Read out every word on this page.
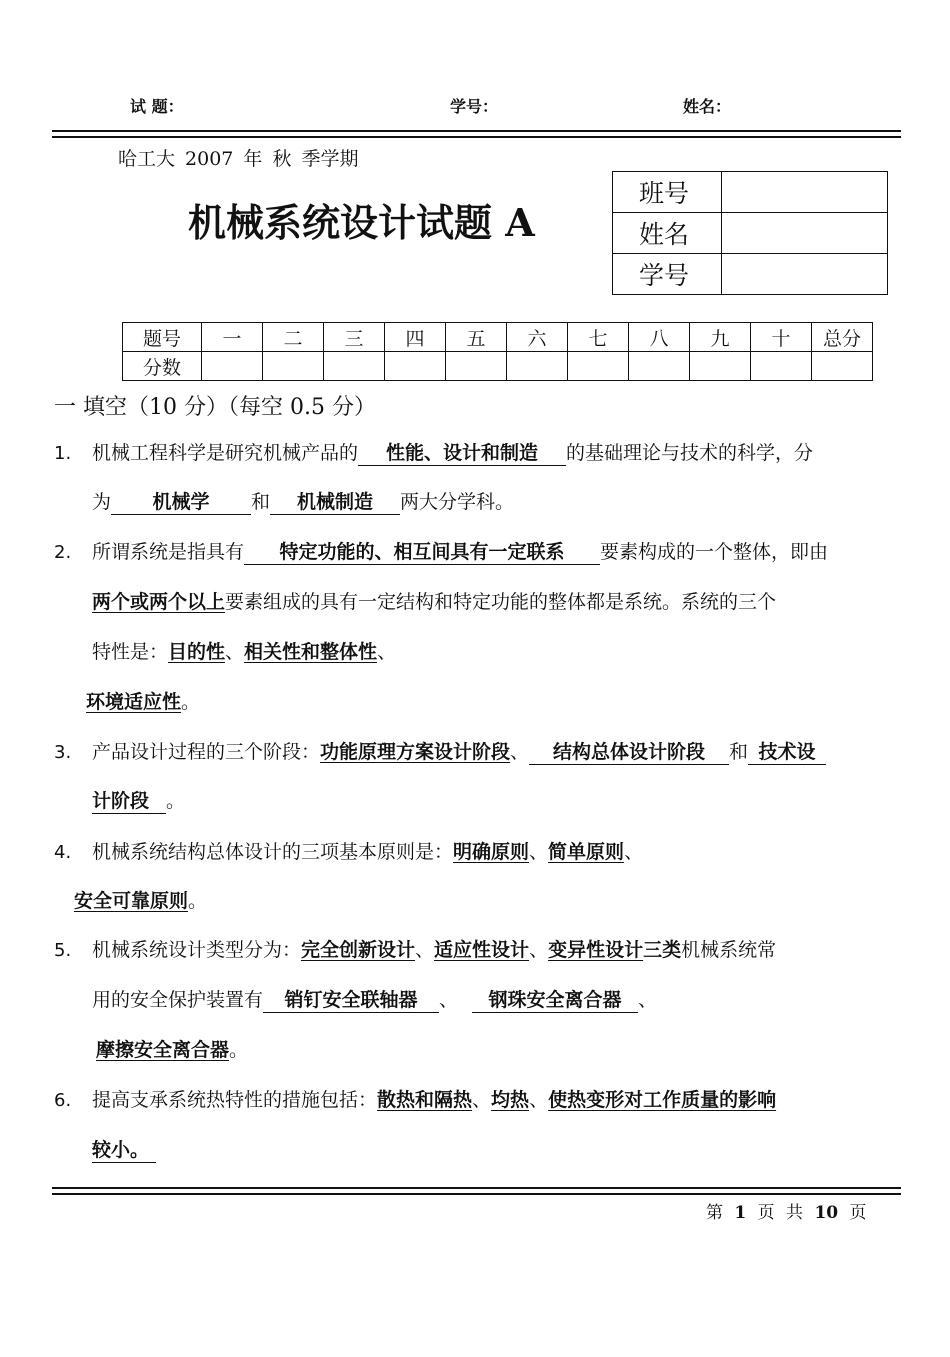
试 题：	学号：	姓名：
哈工大 2007 年 秋 季学期
机械系统设计试题 A
班号	
姓名	
学号	
题号	一	二	三	四	五	六	七	八	九	十	总分
分数											
一 填空（10 分）（每空 0.5 分）
1. 机械工程科学是研究机械产品的 性能、设计和制造 的基础理论与技术的科学，分
为 机械学 和 机械制造 两大分学科。
2. 所谓系统是指具有 特定功能的、相互间具有一定联系 要素构成的一个整体，即由
两个或两个以上要素组成的具有一定结构和特定功能的整体都是系统。系统的三个
特性是：目的性、相关性和整体性、
环境适应性。
3. 产品设计过程的三个阶段：功能原理方案设计阶段、 结构总体设计阶段 和 技术设
计阶段 。
4. 机械系统结构总体设计的三项基本原则是：明确原则、简单原则、
安全可靠原则。
5. 机械系统设计类型分为：完全创新设计、适应性设计、变异性设计三类机械系统常
用的安全保护装置有 销钉安全联轴器 、 钢珠安全离合器 、
摩擦安全离合器。
6. 提高支承系统热特性的措施包括：散热和隔热、均热、使热变形对工作质量的影响
较小。
第 1 页 共 10 页
